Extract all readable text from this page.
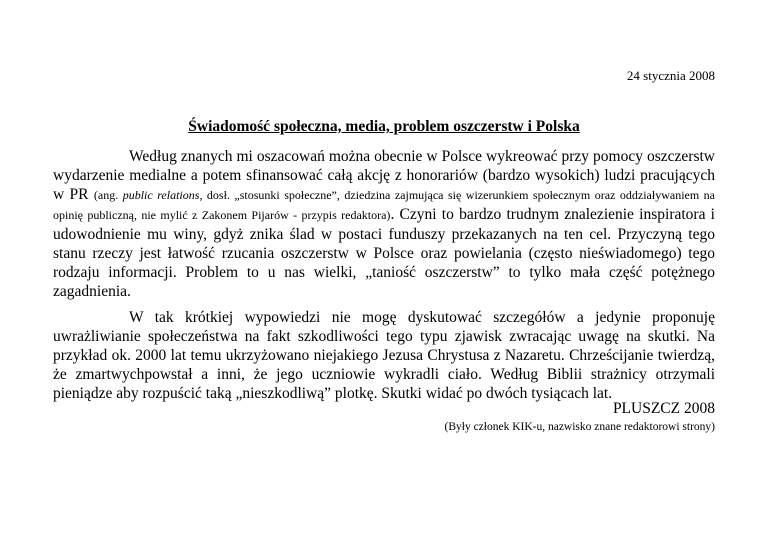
24 stycznia 2008
Świadomość społeczna, media, problem oszczerstw i Polska

Według znanych mi oszacowań można obecnie w Polsce wykreować przy pomocy oszczerstw wydarzenie medialne a potem sfinansować całą akcję z honorariów (bardzo wysokich) ludzi pracujących w PR (ang. public relations, dosł. „stosunki społeczne”, dziedzina zajmująca się wizerunkiem społecznym oraz oddziaływaniem na opinię publiczną, nie mylić z Zakonem Pijarów - przypis redaktora). Czyni to bardzo trudnym znalezienie inspiratora i udowodnienie mu winy, gdyż znika ślad w postaci funduszy przekazanych na ten cel. Przyczyną tego stanu rzeczy jest łatwość rzucania oszczerstw w Polsce oraz powielania (często nieświadomego) tego rodzaju informacji. Problem to u nas wielki, „taniość oszczerstw” to tylko mała część potężnego zagadnienia.

W tak krótkiej wypowiedzi nie mogę dyskutować szczegółów a jedynie proponuję uwrażliwianie społeczeństwa na fakt szkodliwości tego typu zjawisk zwracając uwagę na skutki. Na przykład ok. 2000 lat temu ukrzyżowano niejakiego Jezusa Chrystusa z Nazaretu. Chrześcijanie twierdzą, że zmartwychpowstał a inni, że jego uczniowie wykradli ciało. Według Biblii strażnicy otrzymali pieniądze aby rozpuścić taką „nieszkodliwą” plotkę. Skutki widać po dwóch tysiącach lat.

PLUSZCZ 2008
(Były członek KIK-u, nazwisko znane redaktorowi strony)
